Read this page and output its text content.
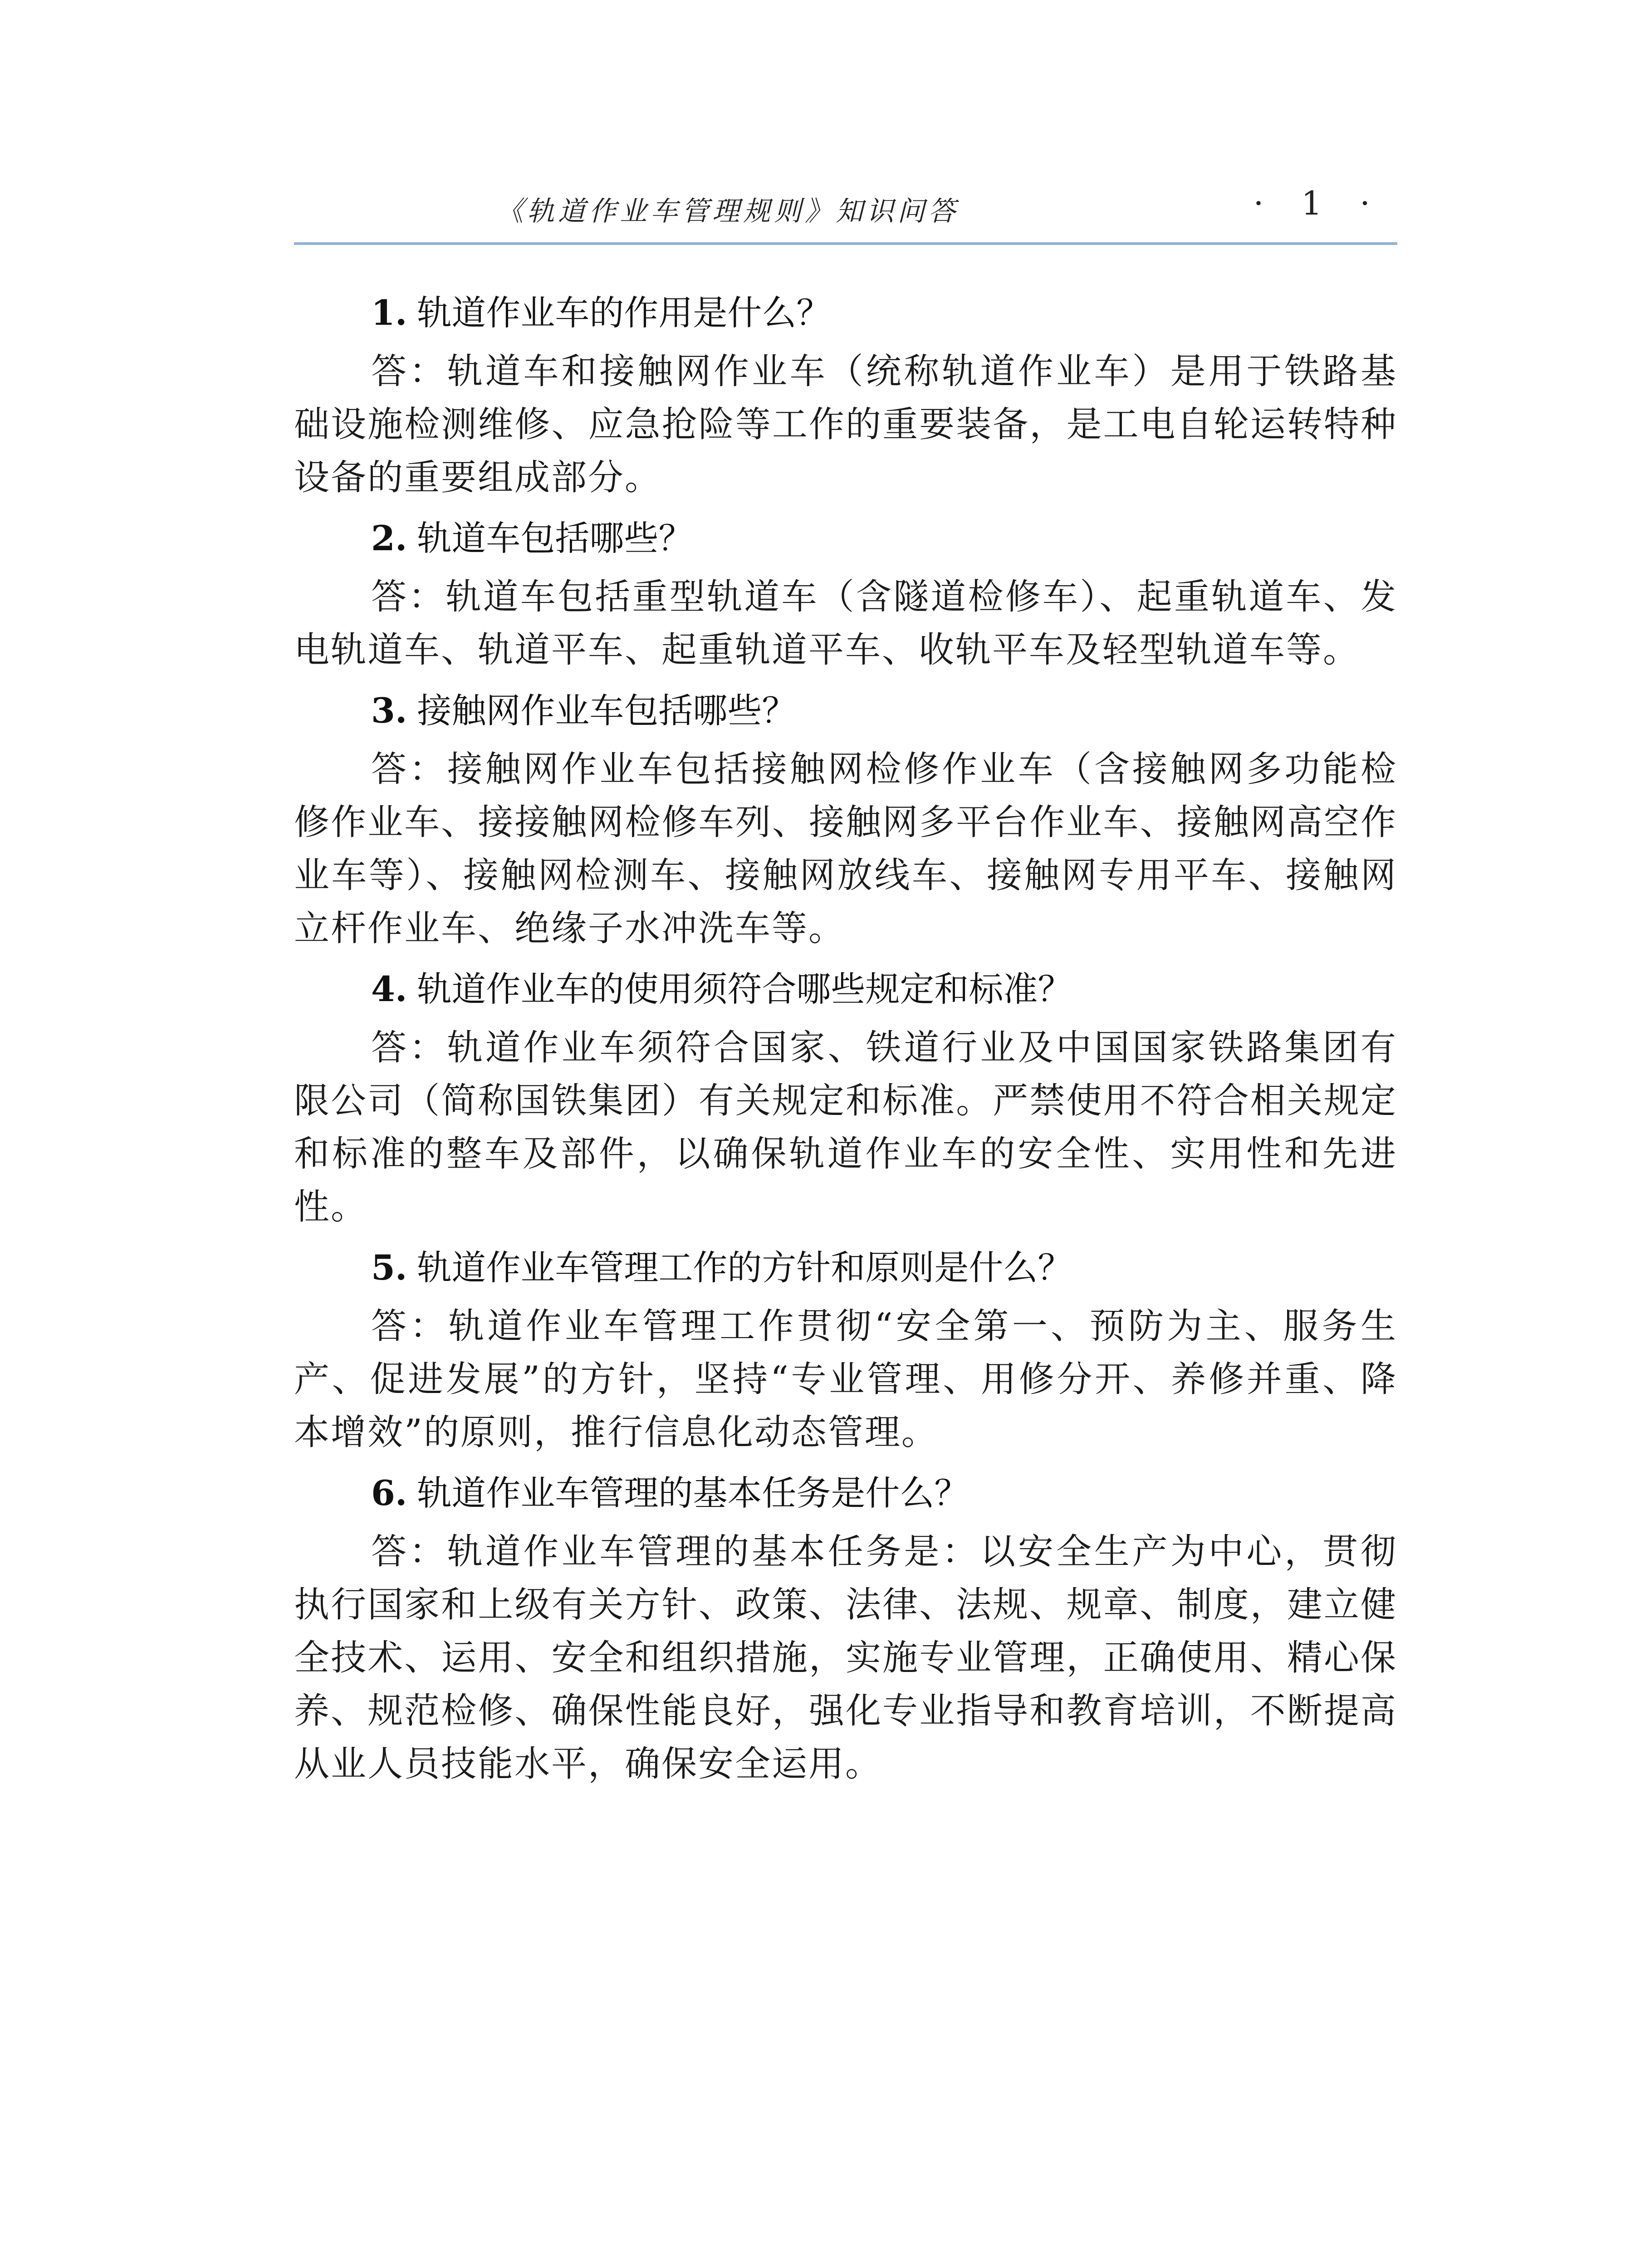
《轨道作业车管理规则》知识问答	· 1 ·

1. 轨道作业车的作用是什么？

答：轨道车和接触网作业车（统称轨道作业车）是用于铁路基础设施检测维修、应急抢险等工作的重要装备，是工电自轮运转特种设备的重要组成部分。

2. 轨道车包括哪些？

答：轨道车包括重型轨道车（含隧道检修车）、起重轨道车、发电轨道车、轨道平车、起重轨道平车、收轨平车及轻型轨道车等。

3. 接触网作业车包括哪些？

答：接触网作业车包括接触网检修作业车（含接触网多功能检修作业车、接接触网检修车列、接触网多平台作业车、接触网高空作业车等）、接触网检测车、接触网放线车、接触网专用平车、接触网立杆作业车、绝缘子水冲洗车等。

4. 轨道作业车的使用须符合哪些规定和标准？

答：轨道作业车须符合国家、铁道行业及中国国家铁路集团有限公司（简称国铁集团）有关规定和标准。严禁使用不符合相关规定和标准的整车及部件，以确保轨道作业车的安全性、实用性和先进性。

5. 轨道作业车管理工作的方针和原则是什么？

答：轨道作业车管理工作贯彻“安全第一、预防为主、服务生产、促进发展”的方针，坚持“专业管理、用修分开、养修并重、降本增效”的原则，推行信息化动态管理。

6. 轨道作业车管理的基本任务是什么？

答：轨道作业车管理的基本任务是：以安全生产为中心，贯彻执行国家和上级有关方针、政策、法律、法规、规章、制度，建立健全技术、运用、安全和组织措施，实施专业管理，正确使用、精心保养、规范检修、确保性能良好，强化专业指导和教育培训，不断提高从业人员技能水平，确保安全运用。
